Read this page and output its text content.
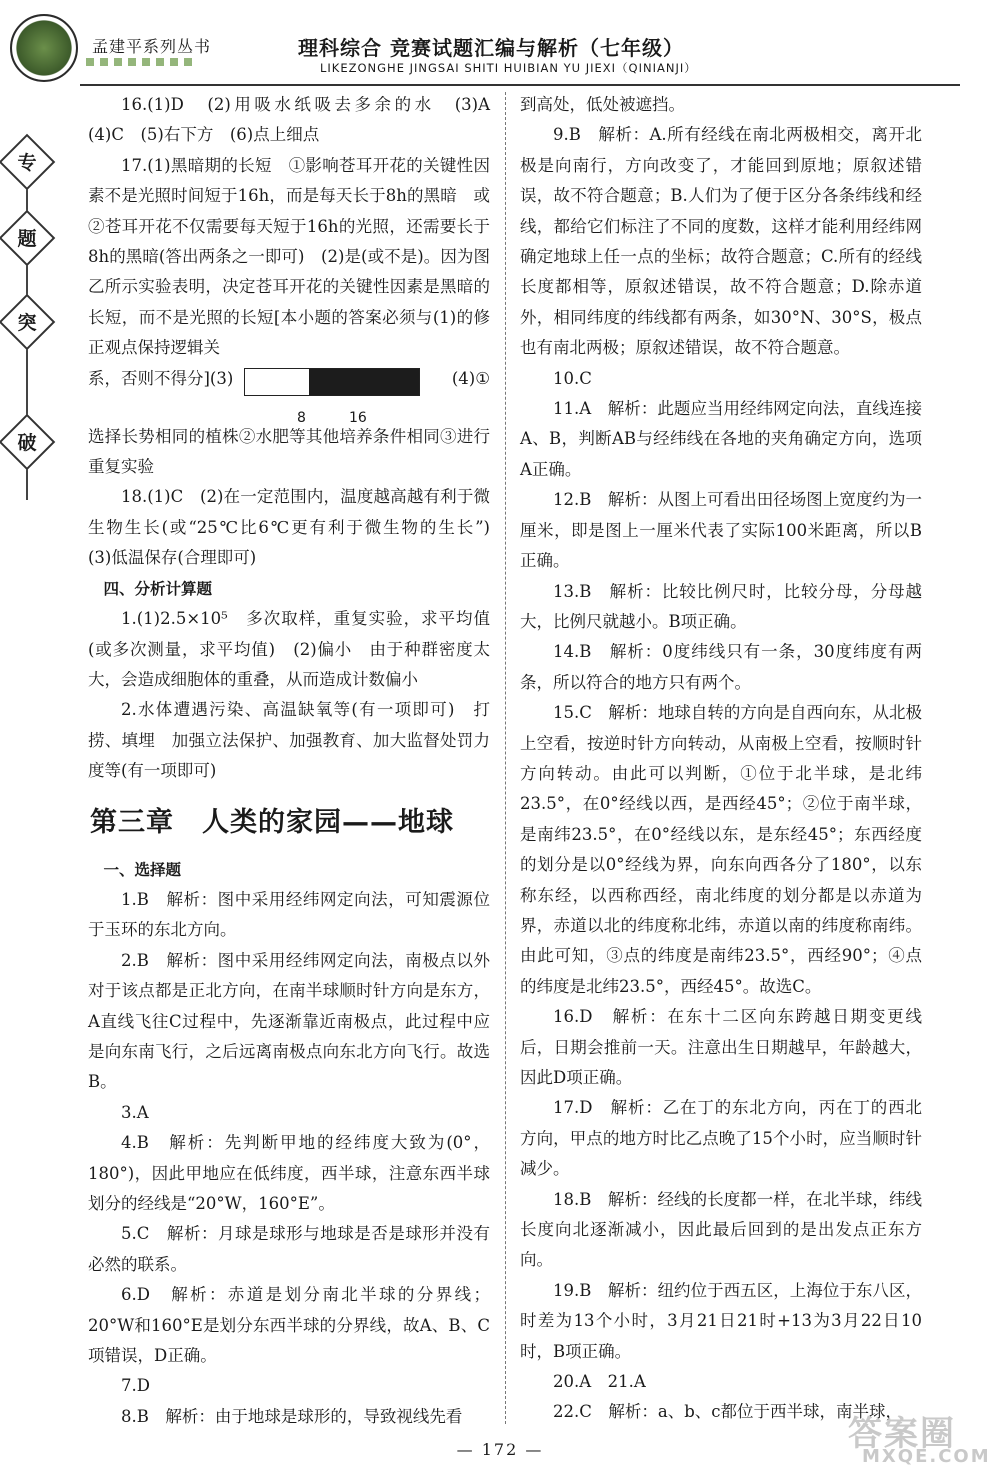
孟建平系列丛书	理科综合 竞赛试题汇编与解析（七年级）
LIKEZONGHE JINGSAI SHITI HUIBIAN YU JIEXI（QINIANJI）
专
题
突
破

16.(1)D　(2)用吸水纸吸去多余的水　(3)A　(4)C　(5)右下方　(6)点上细点

17.(1)黑暗期的长短　①影响苍耳开花的关键性因素不是光照时间短于16h，而是每天长于8h的黑暗　或②苍耳开花不仅需要每天短于16h的光照，还需要长于8h的黑暗(答出两条之一即可)　(2)是(或不是)。因为图乙所示实验表明，决定苍耳开花的关键性因素是黑暗的长短，而不是光照的长短[本小题的答案必须与(1)的修正观点保持逻辑关

系，否则不得分](3)
8	16
(4)①

选择长势相同的植株②水肥等其他培养条件相同③进行重复实验

18.(1)C　(2)在一定范围内，温度越高越有利于微生物生长(或“25℃比6℃更有利于微生物的生长”)　(3)低温保存(合理即可)

四、分析计算题

1.(1)2.5×10⁵　多次取样，重复实验，求平均值(或多次测量，求平均值)　(2)偏小　由于种群密度太大，会造成细胞体的重叠，从而造成计数偏小

2.水体遭遇污染、高温缺氧等(有一项即可)　打捞、填埋　加强立法保护、加强教育、加大监督处罚力度等(有一项即可)

第三章　人类的家园——地球

一、选择题

1.B　解析：图中采用经纬网定向法，可知震源位于玉环的东北方向。

2.B　解析：图中采用经纬网定向法，南极点以外对于该点都是正北方向，在南半球顺时针方向是东方，A直线飞往C过程中，先逐渐靠近南极点，此过程中应是向东南飞行，之后远离南极点向东北方向飞行。故选B。

3.A

4.B　解析：先判断甲地的经纬度大致为(0°，180°)，因此甲地应在低纬度，西半球，注意东西半球划分的经线是“20°W，160°E”。

5.C　解析：月球是球形与地球是否是球形并没有必然的联系。

6.D　解析：赤道是划分南北半球的分界线；20°W和160°E是划分东西半球的分界线，故A、B、C项错误，D正确。

7.D

8.B　解析：由于地球是球形的，导致视线先看

到高处，低处被遮挡。

9.B　解析：A.所有经线在南北两极相交，离开北极是向南行，方向改变了，才能回到原地；原叙述错误，故不符合题意；B.人们为了便于区分各条纬线和经线，都给它们标注了不同的度数，这样才能利用经纬网确定地球上任一点的坐标；故符合题意；C.所有的经线长度都相等，原叙述错误，故不符合题意；D.除赤道外，相同纬度的纬线都有两条，如30°N、30°S，极点也有南北两极；原叙述错误，故不符合题意。

10.C

11.A　解析：此题应当用经纬网定向法，直线连接A、B，判断AB与经纬线在各地的夹角确定方向，选项A正确。

12.B　解析：从图上可看出田径场图上宽度约为一厘米，即是图上一厘米代表了实际100米距离，所以B正确。

13.B　解析：比较比例尺时，比较分母，分母越大，比例尺就越小。B项正确。

14.B　解析：0度纬线只有一条，30度纬度有两条，所以符合的地方只有两个。

15.C　解析：地球自转的方向是自西向东，从北极上空看，按逆时针方向转动，从南极上空看，按顺时针方向转动。由此可以判断，①位于北半球，是北纬23.5°，在0°经线以西，是西经45°；②位于南半球，是南纬23.5°，在0°经线以东，是东经45°；东西经度的划分是以0°经线为界，向东向西各分了180°，以东称东经，以西称西经，南北纬度的划分都是以赤道为界，赤道以北的纬度称北纬，赤道以南的纬度称南纬。由此可知，③点的纬度是南纬23.5°，西经90°；④点的纬度是北纬23.5°，西经45°。故选C。

16.D　解析：在东十二区向东跨越日期变更线后，日期会推前一天。注意出生日期越早，年龄越大，因此D项正确。

17.D　解析：乙在丁的东北方向，丙在丁的西北方向，甲点的地方时比乙点晚了15个小时，应当顺时针减少。

18.B　解析：经线的长度都一样，在北半球，纬线长度向北逐渐减小，因此最后回到的是出发点正东方向。

19.B　解析：纽约位于西五区，上海位于东八区，时差为13个小时，3月21日21时+13为3月22日10时，B项正确。

20.A　21.A

22.C　解析：a、b、c都位于西半球，南半球，

— 172 —	答案圈
MXQE.COM
